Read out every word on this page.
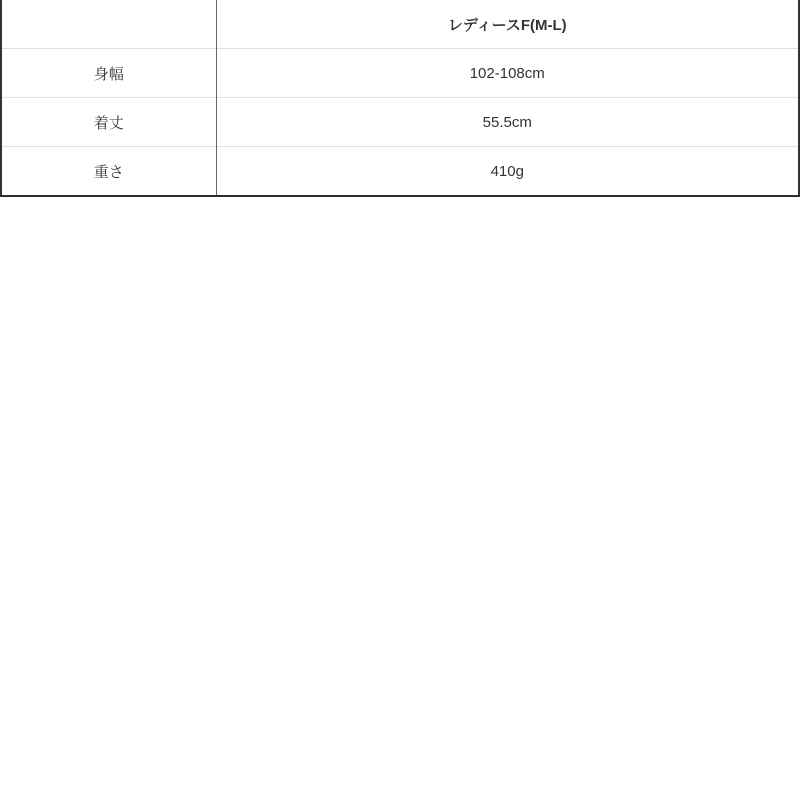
	レディースF(M-L)
身幅	102-108cm
着丈	55.5cm
重さ	410g
